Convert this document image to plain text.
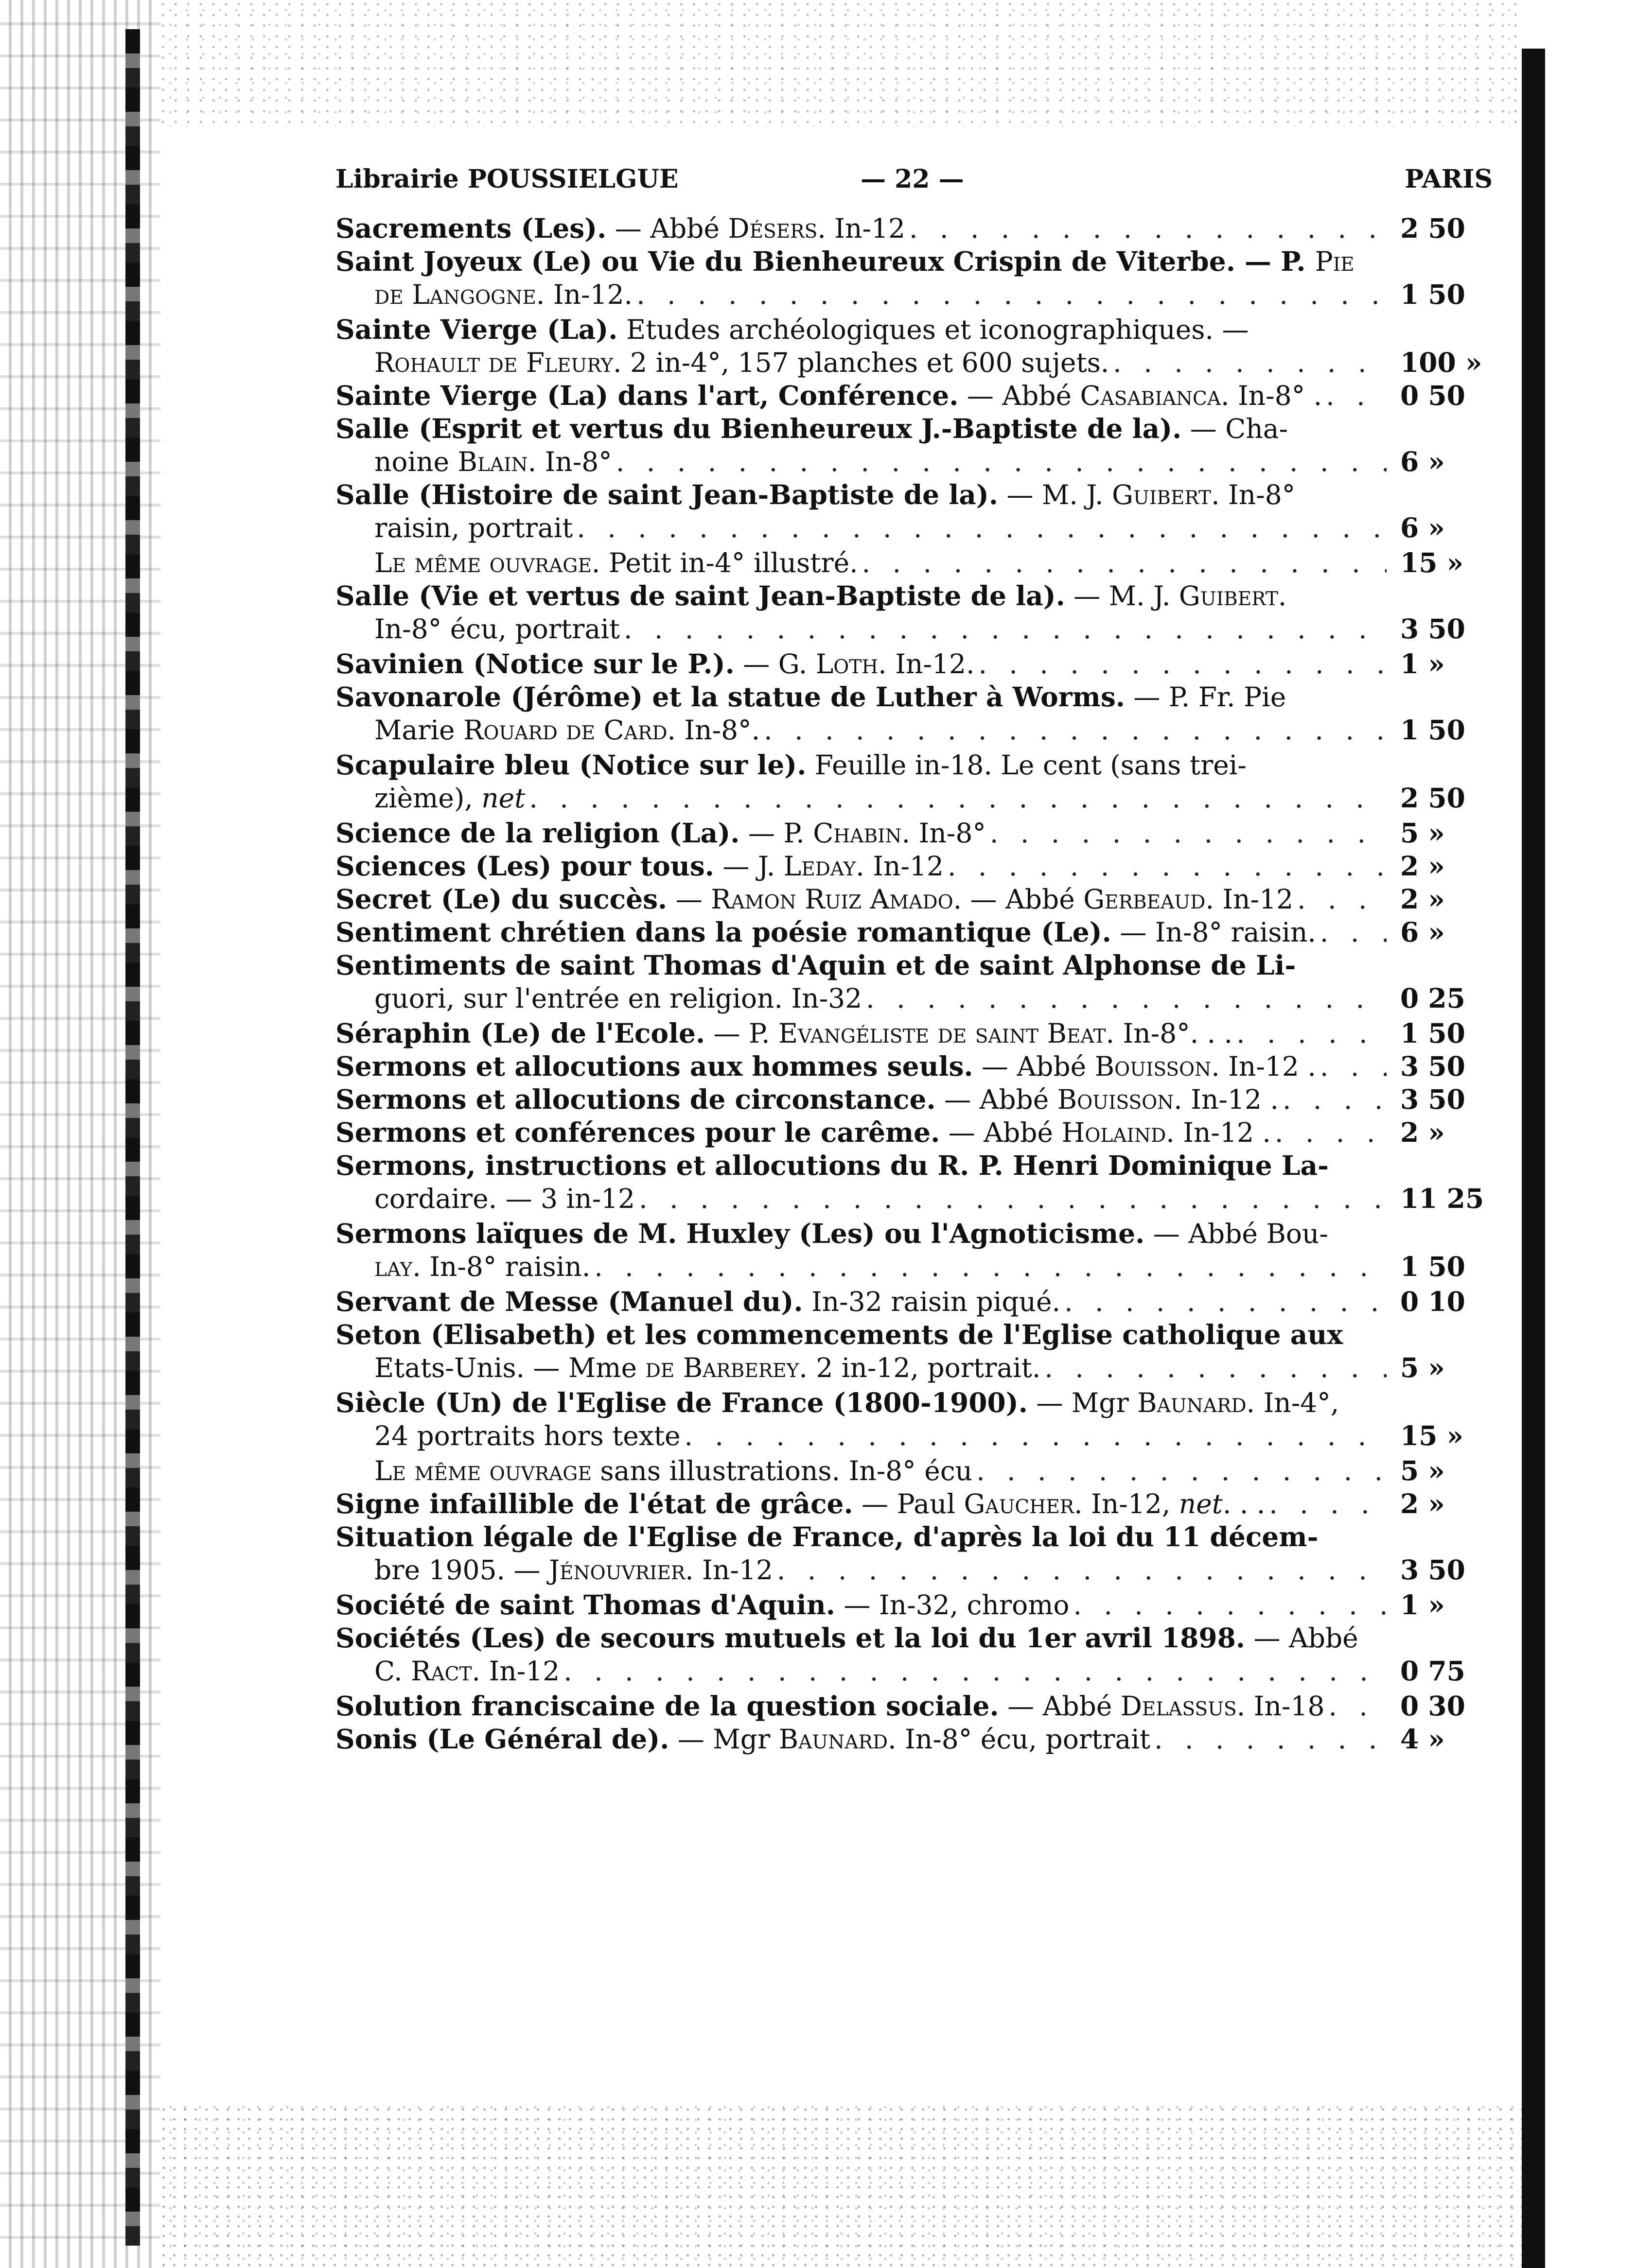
Librairie POUSSIELGUE	— 22 —	PARIS
Sacrements (Les). — Abbé Désers. In-12 . . .	2 50
Saint Joyeux (Le) ou Vie du Bienheureux Crispin de Viterbe. — P. Pie
de Langogne. In-12. . . .	1 50
Sainte Vierge (La). Etudes archéologiques et iconographiques. —
Rohault de Fleury. 2 in-4°, 157 planches et 600 sujets. . . .	100 »
Sainte Vierge (La) dans l'art, Conférence. — Abbé Casabianca. In-8° . . . .	0 50
Salle (Esprit et vertus du Bienheureux J.-Baptiste de la). — Cha-
noine Blain. In-8° . . .	6 »
Salle (Histoire de saint Jean-Baptiste de la). — M. J. Guibert. In-8°
raisin, portrait . . .	6 »
Le même ouvrage. Petit in-4° illustré. . . .	15 »
Salle (Vie et vertus de saint Jean-Baptiste de la). — M. J. Guibert.
In-8° écu, portrait . . .	3 50
Savinien (Notice sur le P.). — G. Loth. In-12. . . .	1 »
Savonarole (Jérôme) et la statue de Luther à Worms. — P. Fr. Pie
Marie Rouard de Card. In-8°. . . .	1 50
Scapulaire bleu (Notice sur le). Feuille in-18. Le cent (sans trei-
zième), net . . .	2 50
Science de la religion (La). — P. Chabin. In-8° . . .	5 »
Sciences (Les) pour tous. — J. Leday. In-12 . . .	2 »
Secret (Le) du succès. — Ramon Ruiz Amado. — Abbé Gerbeaud. In-12 . . .	2 »
Sentiment chrétien dans la poésie romantique (Le). — In-8° raisin. . . .	6 »
Sentiments de saint Thomas d'Aquin et de saint Alphonse de Li-
guori, sur l'entrée en religion. In-32 . . .	0 25
Séraphin (Le) de l'Ecole. — P. Evangéliste de saint Beat. In-8°. . . . . .	1 50
Sermons et allocutions aux hommes seuls. — Abbé Bouisson. In-12 . . . .	3 50
Sermons et allocutions de circonstance. — Abbé Bouisson. In-12 . . . .	3 50
Sermons et conférences pour le carême. — Abbé Holaind. In-12 . . . .	2 »
Sermons, instructions et allocutions du R. P. Henri Dominique La-
cordaire. — 3 in-12 . . .	11 25
Sermons laïques de M. Huxley (Les) ou l'Agnoticisme. — Abbé Bou-
lay. In-8° raisin. . . .	1 50
Servant de Messe (Manuel du). In-32 raisin piqué. . . .	0 10
Seton (Elisabeth) et les commencements de l'Eglise catholique aux
Etats-Unis. — Mme de Barberey. 2 in-12, portrait. . . .	5 »
Siècle (Un) de l'Eglise de France (1800-1900). — Mgr Baunard. In-4°,
24 portraits hors texte . . .	15 »
Le même ouvrage sans illustrations. In-8° écu . . .	5 »
Signe infaillible de l'état de grâce. — Paul Gaucher. In-12, net. . . . . .	2 »
Situation légale de l'Eglise de France, d'après la loi du 11 décem-
bre 1905. — Jénouvrier. In-12 . . .	3 50
Société de saint Thomas d'Aquin. — In-32, chromo . . .	1 »
Sociétés (Les) de secours mutuels et la loi du 1er avril 1898. — Abbé
C. Ract. In-12 . . .	0 75
Solution franciscaine de la question sociale. — Abbé Delassus. In-18 . . .	0 30
Sonis (Le Général de). — Mgr Baunard. In-8° écu, portrait . . .	4 »
